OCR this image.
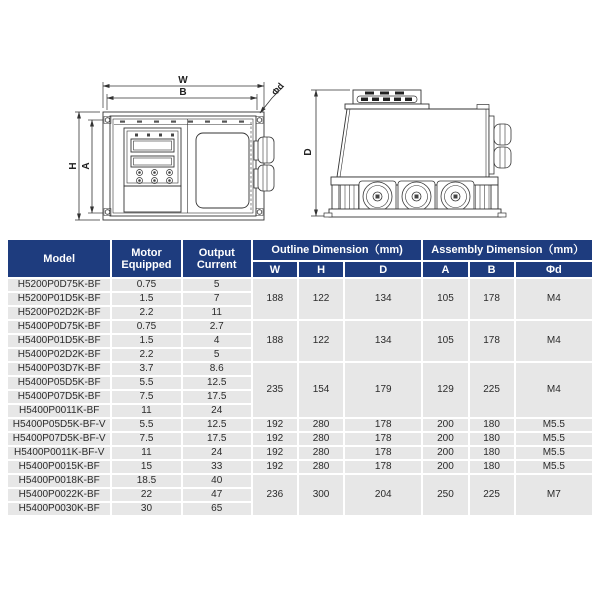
W
B
H A
Φd
D
Model	Motor Equipped	Output Current	Outline Dimension（mm)			Assembly Dimension（mm）		
			W	H	D	A	B	Φd
H5200P0D75K-BF	0.75	5	188	122	134	105	178	M4
H5200P01D5K-BF	1.5	7						
H5200P02D2K-BF	2.2	11						
H5400P0D75K-BF	0.75	2.7	188	122	134	105	178	M4
H5400P01D5K-BF	1.5	4						
H5400P02D2K-BF	2.2	5						
H5400P03D7K-BF	3.7	8.6	235	154	179	129	225	M4
H5400P05D5K-BF	5.5	12.5						
H5400P07D5K-BF	7.5	17.5						
H5400P0011K-BF	11	24						
H5400P05D5K-BF-V	5.5	12.5	192	280	178	200	180	M5.5
H5400P07D5K-BF-V	7.5	17.5	192	280	178	200	180	M5.5
H5400P0011K-BF-V	11	24	192	280	178	200	180	M5.5
H5400P0015K-BF	15	33	192	280	178	200	180	M5.5
H5400P0018K-BF	18.5	40	236	300	204	250	225	M7
H5400P0022K-BF	22	47						
H5400P0030K-BF	30	65						
